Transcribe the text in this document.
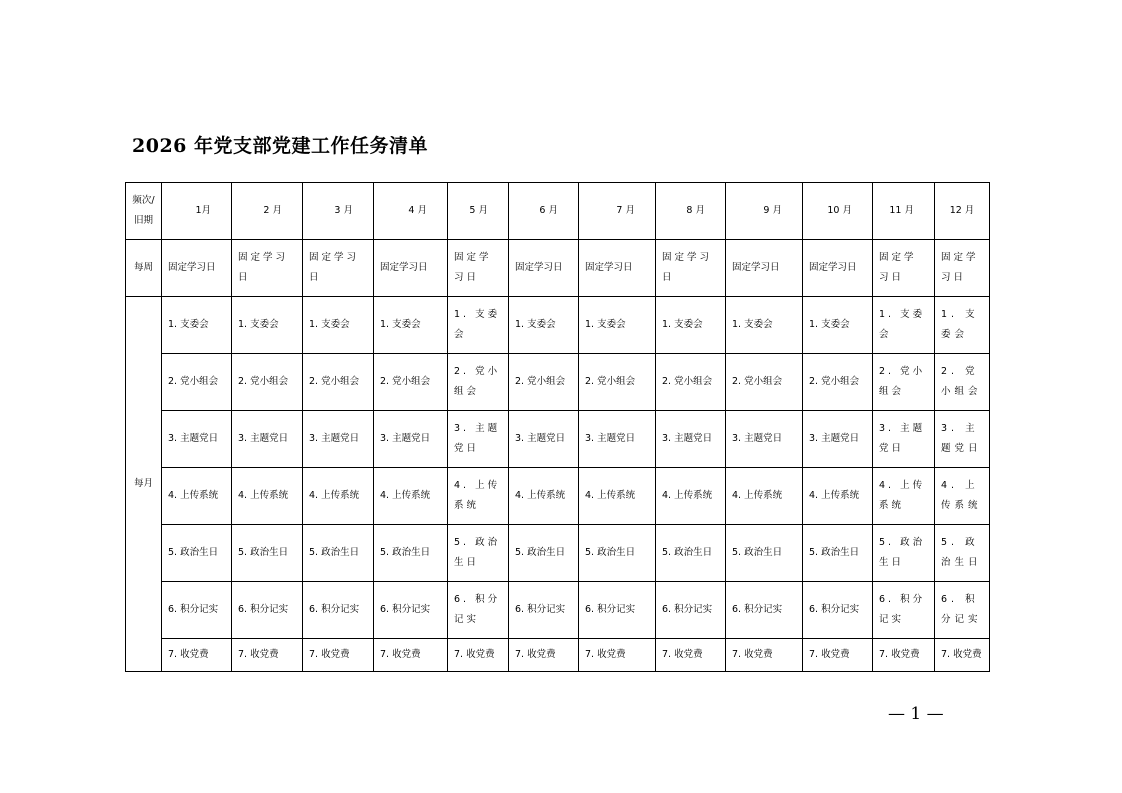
2026 年党支部党建工作任务清单
频次/旧期	1月	2 月	3 月	4 月	5 月	6 月	7 月	8 月	9 月	10 月	11 月	12 月
每周	固定学习日	固定学习日	固定学习日	固定学习日	固定学习日	固定学习日	固定学习日	固定学习日	固定学习日	固定学习日	固定学习日	固定学习日
每月	1. 支委会	1. 支委会	1. 支委会	1. 支委会	1. 支委会	1. 支委会	1. 支委会	1. 支委会	1. 支委会	1. 支委会	1. 支委会	1. 支委会
	2. 党小组会	2. 党小组会	2. 党小组会	2. 党小组会	2. 党小组会	2. 党小组会	2. 党小组会	2. 党小组会	2. 党小组会	2. 党小组会	2. 党小组会	2. 党小组会
	3. 主题党日	3. 主题党日	3. 主题党日	3. 主题党日	3. 主题党日	3. 主题党日	3. 主题党日	3. 主题党日	3. 主题党日	3. 主题党日	3. 主题党日	3. 主题党日
	4. 上传系统	4. 上传系统	4. 上传系统	4. 上传系统	4. 上传系统	4. 上传系统	4. 上传系统	4. 上传系统	4. 上传系统	4. 上传系统	4. 上传系统	4. 上传系统
	5. 政治生日	5. 政治生日	5. 政治生日	5. 政治生日	5. 政治生日	5. 政治生日	5. 政治生日	5. 政治生日	5. 政治生日	5. 政治生日	5. 政治生日	5. 政治生日
	6. 积分记实	6. 积分记实	6. 积分记实	6. 积分记实	6. 积分记实	6. 积分记实	6. 积分记实	6. 积分记实	6. 积分记实	6. 积分记实	6. 积分记实	6. 积分记实
	7. 收党费	7. 收党费	7. 收党费	7. 收党费	7. 收党费	7. 收党费	7. 收党费	7. 收党费	7. 收党费	7. 收党费	7. 收党费	7. 收党费
— 1 —
